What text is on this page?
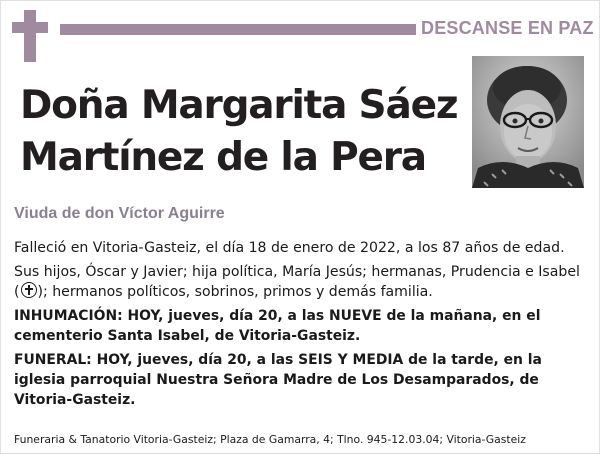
DESCANSE EN PAZ
Doña Margarita Sáez
Martínez de la Pera
Viuda de don Víctor Aguirre

Falleció en Vitoria-Gasteiz, el día 18 de enero de 2022, a los 87 años de edad.

Sus hijos, Óscar y Javier; hija política, María Jesús; hermanas, Prudencia e Isabel ( ); hermanos políticos, sobrinos, primos y demás familia.

INHUMACIÓN: HOY, jueves, día 20, a las NUEVE de la mañana, en el cementerio Santa Isabel, de Vitoria-Gasteiz.

FUNERAL: HOY, jueves, día 20, a las SEIS Y MEDIA de la tarde, en la iglesia parroquial Nuestra Señora Madre de Los Desamparados, de Vitoria-Gasteiz.

Funeraria & Tanatorio Vitoria-Gasteiz; Plaza de Gamarra, 4; Tlno. 945-12.03.04; Vitoria-Gasteiz
